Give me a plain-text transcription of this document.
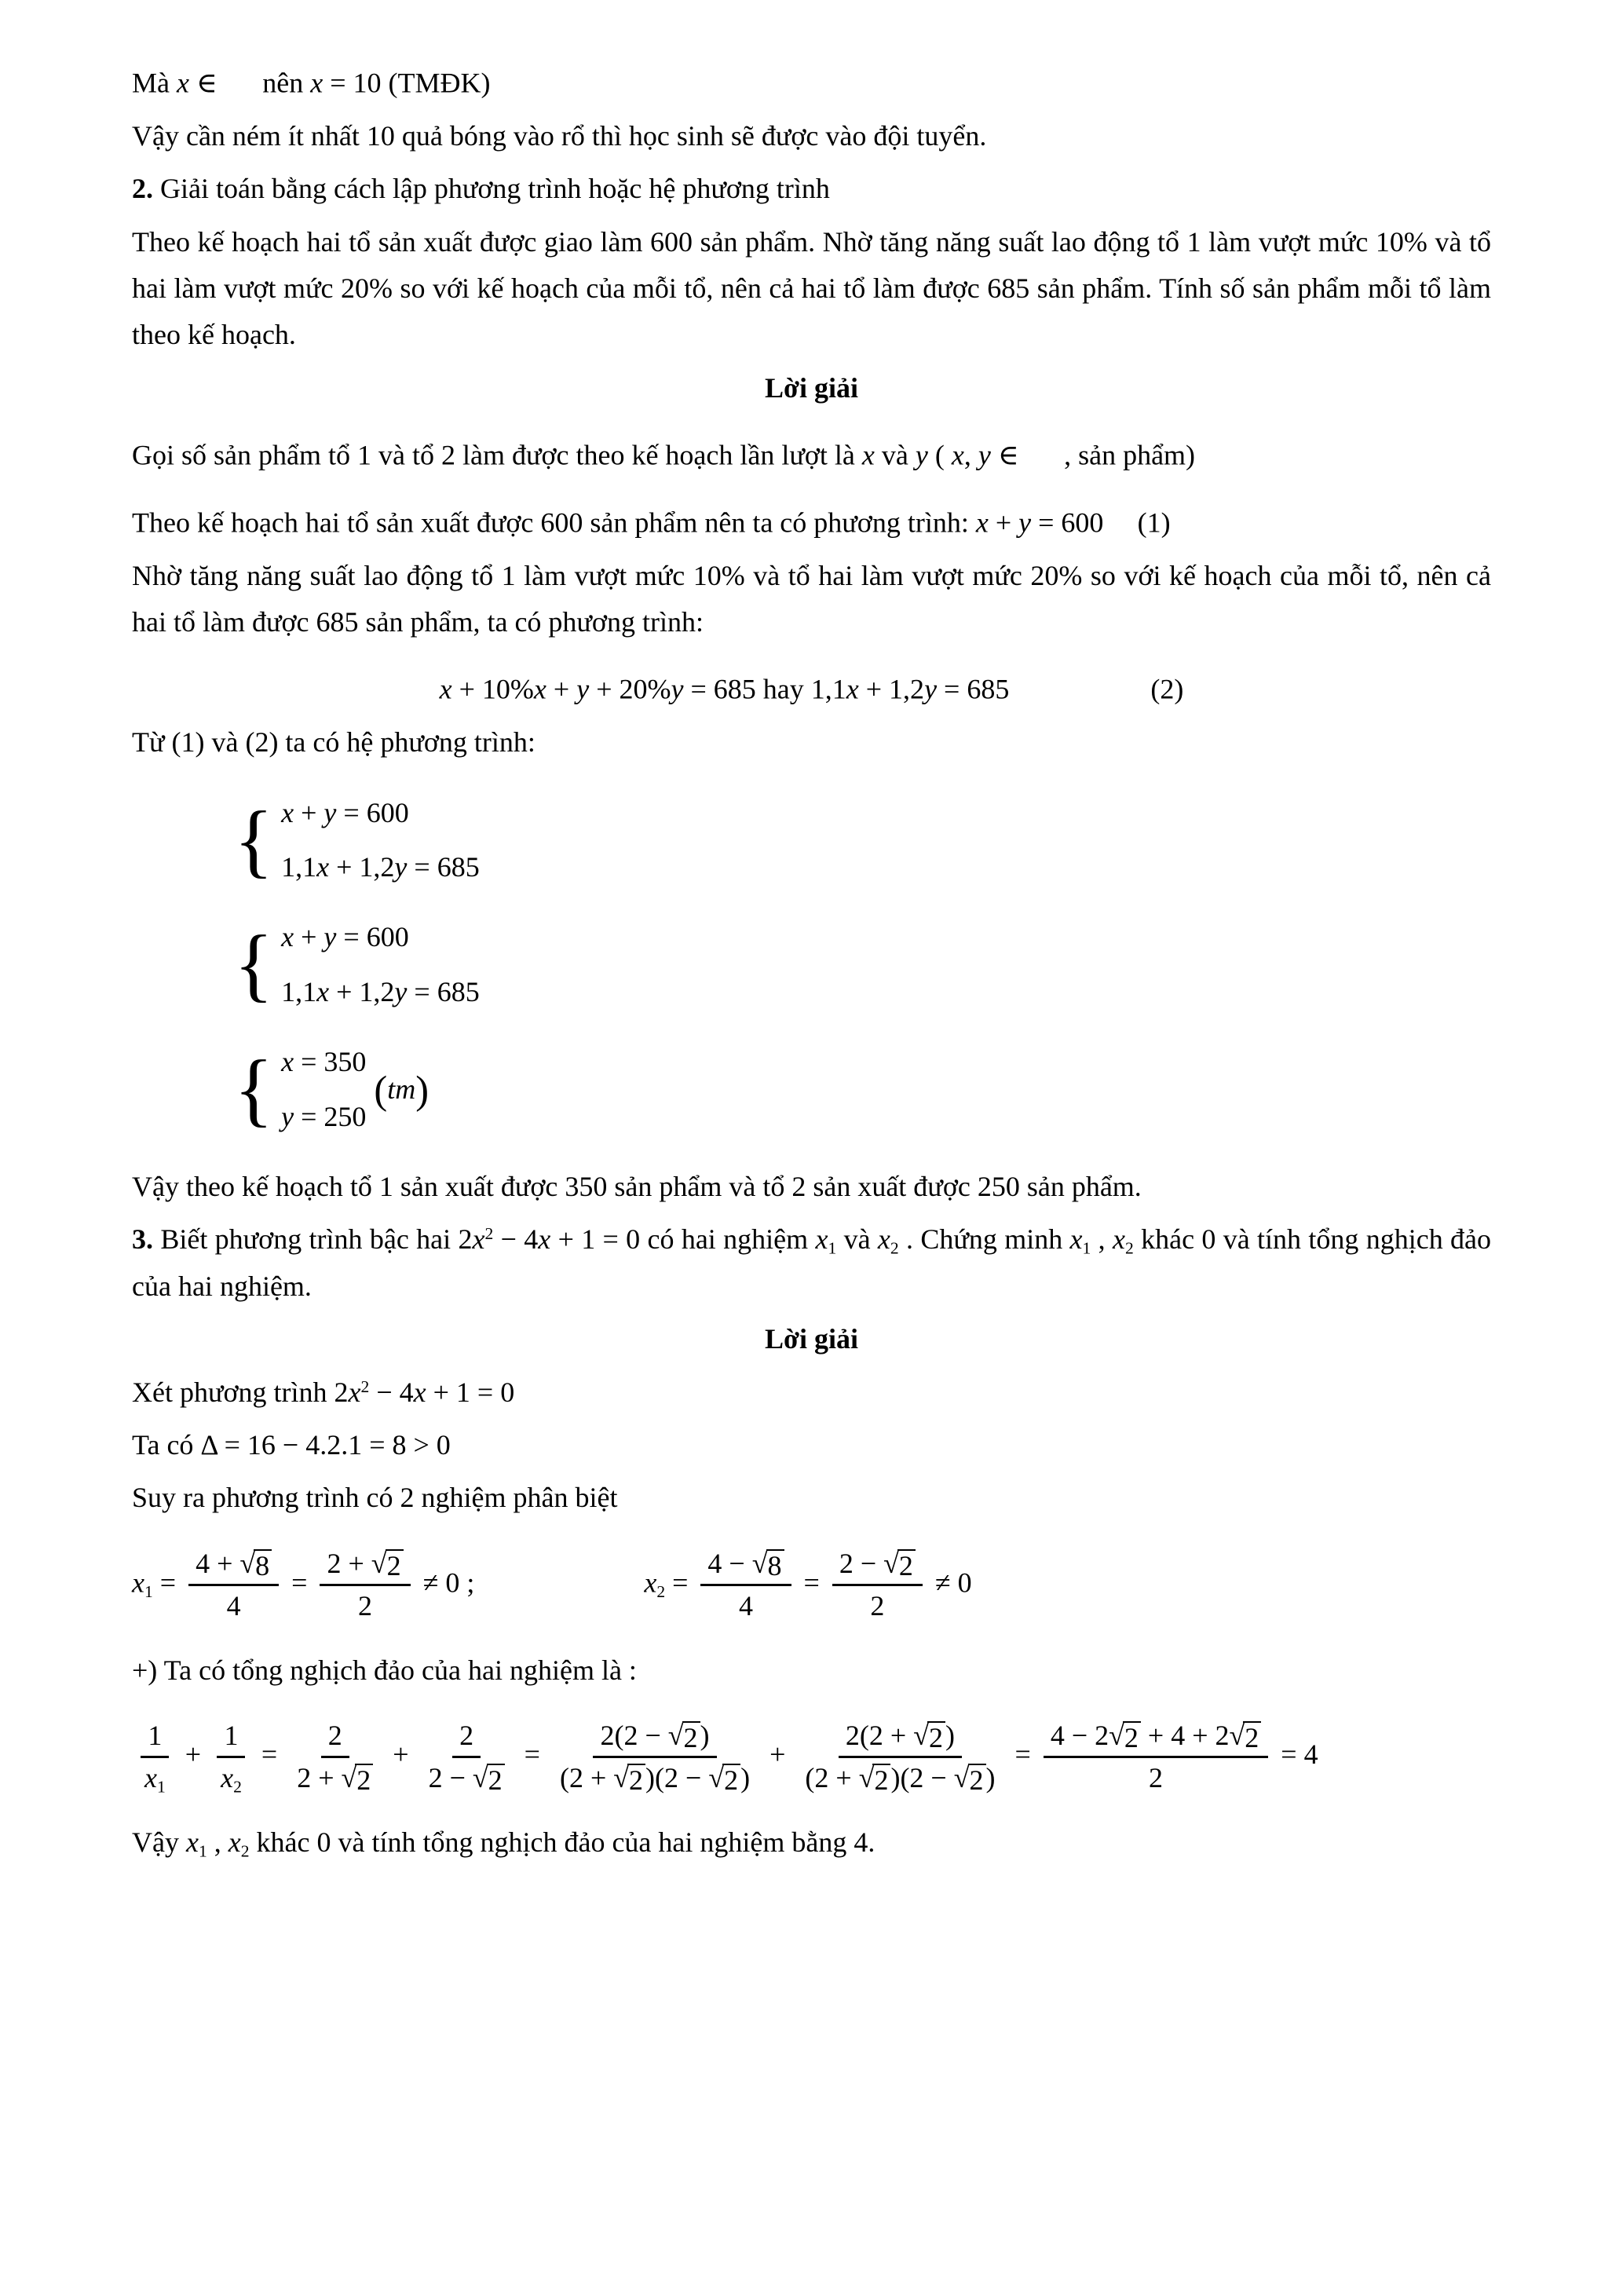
Mà x ∈ nên x = 10 (TMĐK)
Vậy cần ném ít nhất 10 quả bóng vào rổ thì học sinh sẽ được vào đội tuyển.
2. Giải toán bằng cách lập phương trình hoặc hệ phương trình
Theo kế hoạch hai tổ sản xuất được giao làm 600 sản phẩm. Nhờ tăng năng suất lao động tổ 1 làm vượt mức 10% và tổ hai làm vượt mức 20% so với kế hoạch của mỗi tổ, nên cả hai tổ làm được 685 sản phẩm. Tính số sản phẩm mỗi tổ làm theo kế hoạch.
Lời giải
Gọi số sản phẩm tổ 1 và tổ 2 làm được theo kế hoạch lần lượt là x và y ( x, y ∈ , sản phẩm)
Theo kế hoạch hai tổ sản xuất được 600 sản phẩm nên ta có phương trình: x + y = 600 (1)
Nhờ tăng năng suất lao động tổ 1 làm vượt mức 10% và tổ hai làm vượt mức 20% so với kế hoạch của mỗi tổ, nên cả hai tổ làm được 685 sản phẩm, ta có phương trình:
x + 10%x + y + 20%y = 685 hay 1,1x + 1,2y = 685	(2)
Từ (1) và (2) ta có hệ phương trình:
{ x + y = 600
1,1x + 1,2y = 685
{ x + y = 600
1,1x + 1,2y = 685
{ x = 350
y = 250
( tm )
Vậy theo kế hoạch tổ 1 sản xuất được 350 sản phẩm và tổ 2 sản xuất được 250 sản phẩm.
3. Biết phương trình bậc hai $2x^2 - 4x + 1 = 0$ có hai nghiệm $x_1$ và $x_2$ . Chứng minh $x_1$ , $x_2$ khác 0 và tính tổng nghịch đảo của hai nghiệm.
Lời giải
Xét phương trình $2x^2 - 4x + 1 = 0$
Ta có Δ = 16 − 4.2.1 = 8 > 0
Suy ra phương trình có 2 nghiệm phân biệt
$x_1 = \frac{4 + √ 8}{4} = \frac{2 + √ 2}{2} \ne 0$ ;	$x_2 = \frac{4 - √ 8}{4} = \frac{2 - √ 2}{2} \ne 0$
+) Ta có tổng nghịch đảo của hai nghiệm là :
$\frac{1}{x_1} + \frac{1}{x_2} = \frac{2}{2 + √ 2} + \frac{2}{2 - √ 2} = \frac{2(2 - √ 2 )}{(2 + √ 2 )(2 - √ 2 )} + \frac{2(2 + √ 2 )}{(2 + √ 2 )(2 - √ 2 )} = \frac{4 - 2 √ 2 + 4 + 2 √ 2}{2} = 4$
Vậy $x_1$ , $x_2$ khác 0 và tính tổng nghịch đảo của hai nghiệm bằng 4.
